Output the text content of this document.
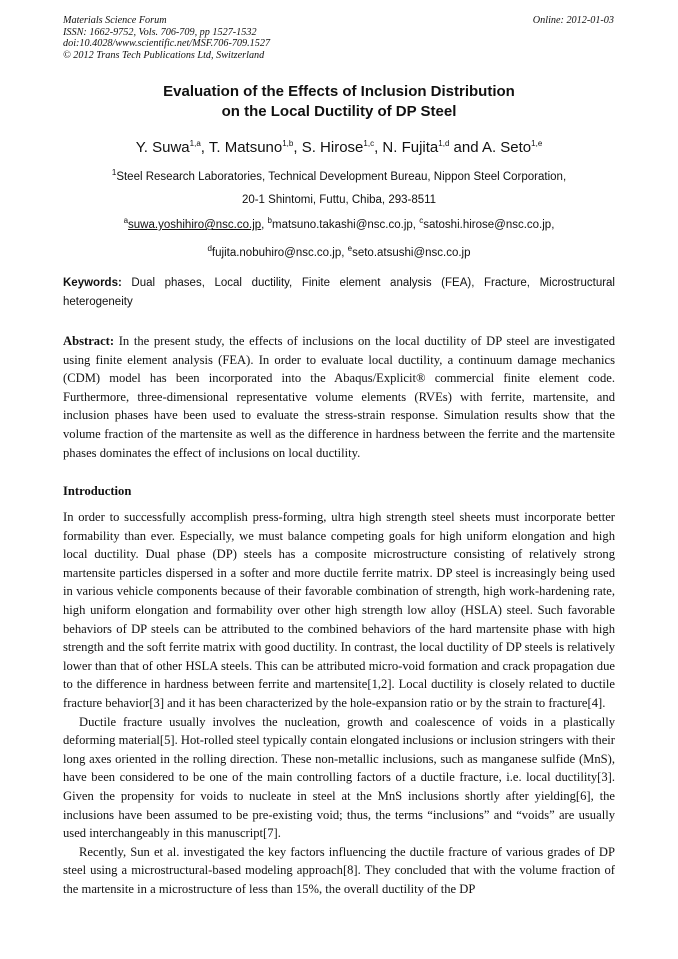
Materials Science Forum
ISSN: 1662-9752, Vols. 706-709, pp 1527-1532
doi:10.4028/www.scientific.net/MSF.706-709.1527
© 2012 Trans Tech Publications Ltd, Switzerland
Online: 2012-01-03
Evaluation of the Effects of Inclusion Distribution
on the Local Ductility of DP Steel
Y. Suwa$^{1,a}$, T. Matsuno$^{1,b}$, S. Hirose$^{1,c}$, N. Fujita$^{1,d}$ and A. Seto$^{1,e}$
$^1$Steel Research Laboratories, Technical Development Bureau, Nippon Steel Corporation,
20-1 Shintomi, Futtu, Chiba, 293-8511
$^a$suwa.yoshihiro@nsc.co.jp, $^b$matsuno.takashi@nsc.co.jp, $^c$satoshi.hirose@nsc.co.jp,
$^d$fujita.nobuhiro@nsc.co.jp, $^e$seto.atsushi@nsc.co.jp
Keywords: Dual phases, Local ductility, Finite element analysis (FEA), Fracture, Microstructural heterogeneity
Abstract: In the present study, the effects of inclusions on the local ductility of DP steel are investigated using finite element analysis (FEA). In order to evaluate local ductility, a continuum damage mechanics (CDM) model has been incorporated into the Abaqus/Explicit® commercial finite element code. Furthermore, three-dimensional representative volume elements (RVEs) with ferrite, martensite, and inclusion phases have been used to evaluate the stress-strain response. Simulation results show that the volume fraction of the martensite as well as the difference in hardness between the ferrite and the martensite phases dominates the effect of inclusions on local ductility.
Introduction

In order to successfully accomplish press-forming, ultra high strength steel sheets must incorporate better formability than ever. Especially, we must balance competing goals for high uniform elongation and high local ductility. Dual phase (DP) steels has a composite microstructure consisting of relatively strong martensite particles dispersed in a softer and more ductile ferrite matrix. DP steel is increasingly being used in various vehicle components because of their favorable combination of strength, high work-hardening rate, high uniform elongation and formability over other high strength low alloy (HSLA) steel. Such favorable behaviors of DP steels can be attributed to the combined behaviors of the hard martensite phase with high strength and the soft ferrite matrix with good ductility. In contrast, the local ductility of DP steels is relatively lower than that of other HSLA steels. This can be attributed micro-void formation and crack propagation due to the difference in hardness between ferrite and martensite[1,2]. Local ductility is closely related to ductile fracture behavior[3] and it has been characterized by the hole-expansion ratio or by the strain to fracture[4].

Ductile fracture usually involves the nucleation, growth and coalescence of voids in a plastically deforming material[5]. Hot-rolled steel typically contain elongated inclusions or inclusion stringers with their long axes oriented in the rolling direction. These non-metallic inclusions, such as manganese sulfide (MnS), have been considered to be one of the main controlling factors of a ductile fracture, i.e. local ductility[3]. Given the propensity for voids to nucleate in steel at the MnS inclusions shortly after yielding[6], the inclusions have been assumed to be pre-existing void; thus, the terms “inclusions” and “voids” are usually used interchangeably in this manuscript[7].

Recently, Sun et al. investigated the key factors influencing the ductile fracture of various grades of DP steel using a microstructural-based modeling approach[8]. They concluded that with the volume fraction of the martensite in a microstructure of less than 15%, the overall ductility of the DP
